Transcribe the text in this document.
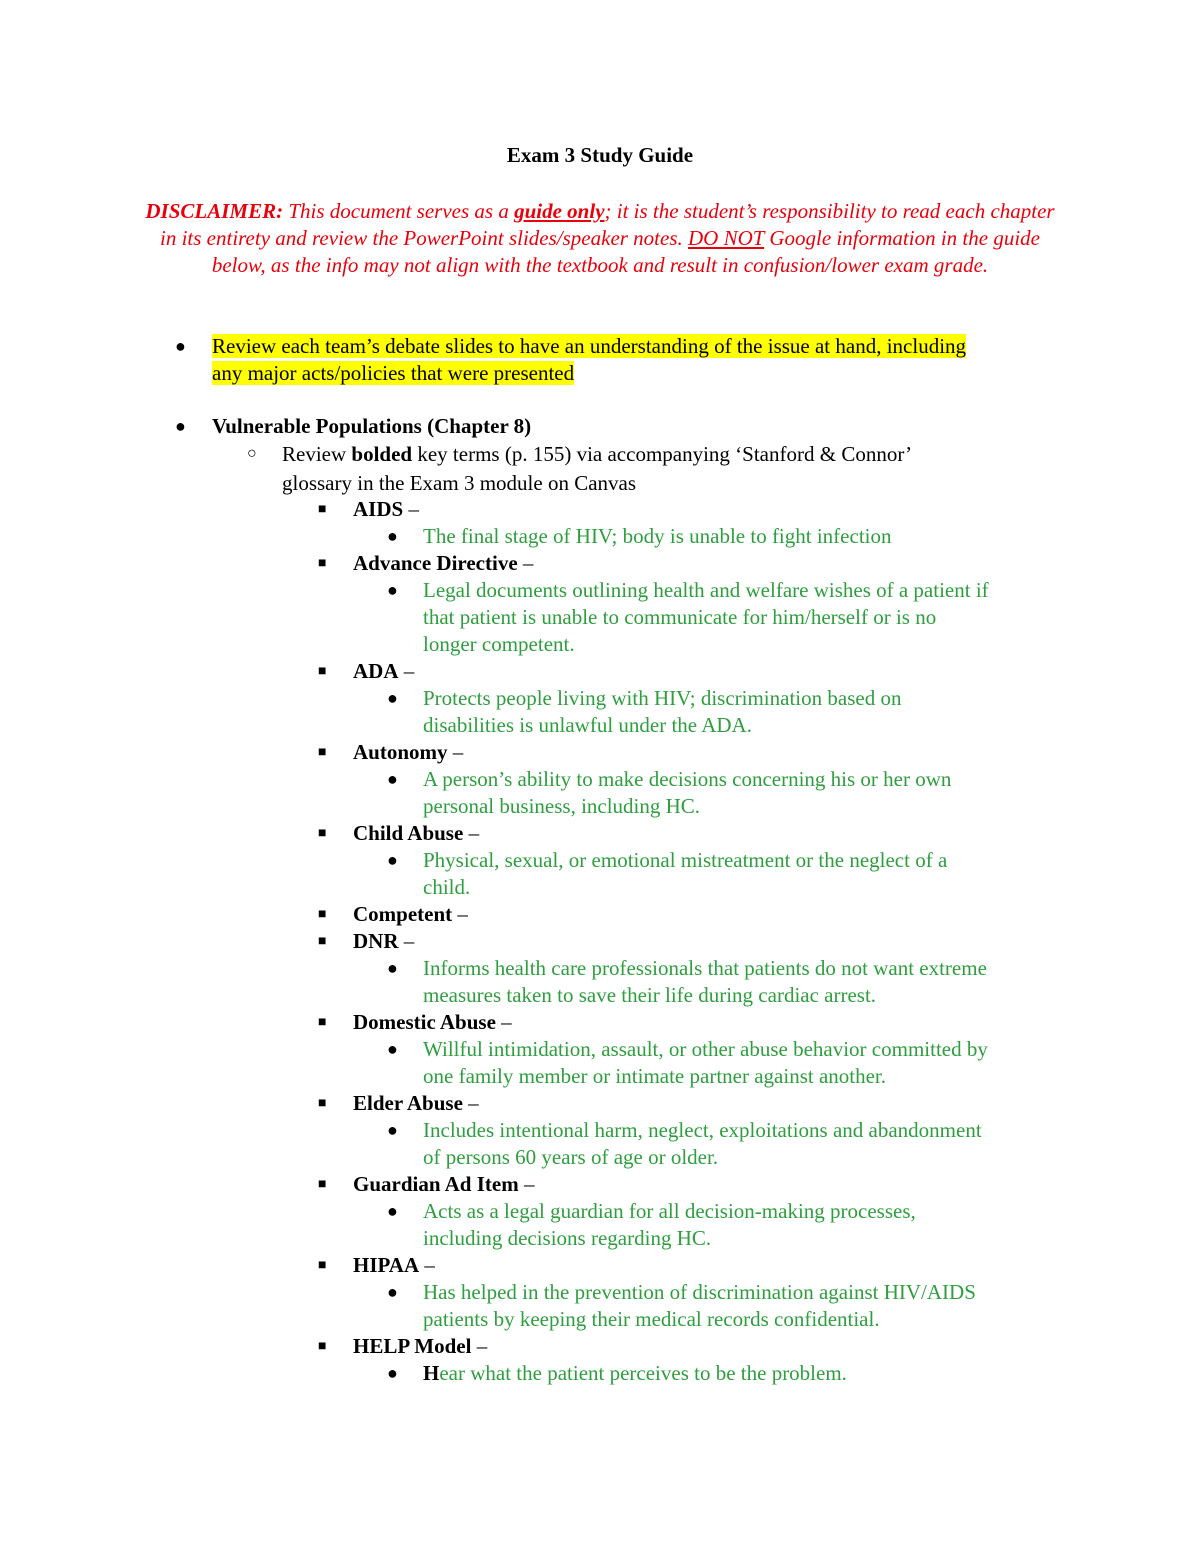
Exam 3 Study Guide
DISCLAIMER: This document serves as a guide only; it is the student’s responsibility to read each chapter in its entirety and review the PowerPoint slides/speaker notes. DO NOT Google information in the guide below, as the info may not align with the textbook and result in confusion/lower exam grade.
● Review each team’s debate slides to have an understanding of the issue at hand, including
any major acts/policies that were presented
● Vulnerable Populations (Chapter 8)
○ Review bolded key terms (p. 155) via accompanying ‘Stanford & Connor’
glossary in the Exam 3 module on Canvas
■ AIDS –
● The final stage of HIV; body is unable to fight infection
■ Advance Directive –
● Legal documents outlining health and welfare wishes of a patient if
that patient is unable to communicate for him/herself or is no
longer competent.
■ ADA –
● Protects people living with HIV; discrimination based on
disabilities is unlawful under the ADA.
■ Autonomy –
● A person’s ability to make decisions concerning his or her own
personal business, including HC.
■ Child Abuse –
● Physical, sexual, or emotional mistreatment or the neglect of a
child.
■ Competent –
■ DNR –
● Informs health care professionals that patients do not want extreme
measures taken to save their life during cardiac arrest.
■ Domestic Abuse –
● Willful intimidation, assault, or other abuse behavior committed by
one family member or intimate partner against another.
■ Elder Abuse –
● Includes intentional harm, neglect, exploitations and abandonment
of persons 60 years of age or older.
■ Guardian Ad Item –
● Acts as a legal guardian for all decision-making processes,
including decisions regarding HC.
■ HIPAA –
● Has helped in the prevention of discrimination against HIV/AIDS
patients by keeping their medical records confidential.
■ HELP Model –
● Hear what the patient perceives to be the problem.
